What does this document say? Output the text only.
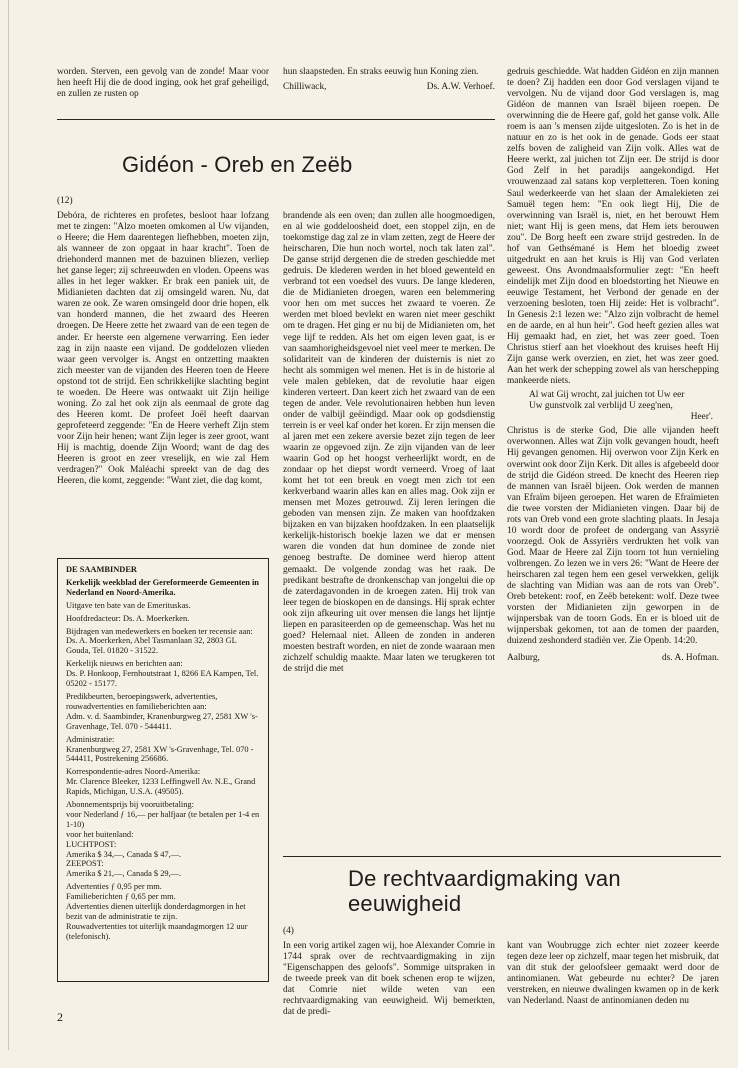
worden. Sterven, een gevolg van de zonde! Maar voor hen heeft Hij die de dood inging, ook het graf geheiligd, en zullen ze rusten op

hun slaapsteden. En straks eeuwig hun Koning zien.

Chilliwack,	Ds. A.W. Verhoef.
Gidéon - Oreb en Zeëb
(12)

Debóra, de richteres en profetes, besloot haar lofzang met te zingen: "Alzo moeten omkomen al Uw vijanden, o Heere; die Hem daarentegen liefhebben, moeten zijn, als wanneer de zon opgaat in haar kracht". Toen de driehonderd mannen met de bazuinen bliezen, verliep het ganse leger; zij schreeuwden en vloden. Opeens was alles in het leger wakker. Er brak een paniek uit, de Midianieten dachten dat zij omsingeld waren. Nu, dat waren ze ook. Ze waren omsingeld door drie hopen, elk van honderd mannen, die het zwaard des Heeren droegen. De Heere zette het zwaard van de een tegen de ander. Er heerste een algemene verwarring. Een ieder zag in zijn naaste een vijand. De goddelozen vlieden waar geen vervolger is. Angst en ontzetting maakten zich meester van de vijanden des Heeren toen de Heere opstond tot de strijd. Een schrikkelijke slachting begint te woeden. De Heere was ontwaakt uit Zijn heilige woning. Zo zal het ook zijn als eenmaal de grote dag des Heeren komt. De profeet Joël heeft daarvan geprofeteerd zeggende: "En de Heere verheft Zijn stem voor Zijn heir henen; want Zijn leger is zeer groot, want Hij is machtig, doende Zijn Woord; want de dag des Heeren is groot en zeer vreselijk, en wie zal Hem verdragen?" Ook Maléachi spreekt van de dag des Heeren, die komt, zeggende: "Want ziet, die dag komt,

brandende als een oven; dan zullen alle hoogmoedigen, en al wie goddeloosheid doet, een stoppel zijn, en de toekomstige dag zal ze in vlam zetten, zegt de Heere der heirscharen, Die hun noch wortel, noch tak laten zal". De ganse strijd dergenen die de streden geschiedde met gedruis. De klederen werden in het bloed gewenteld en verbrand tot een voedsel des vuurs. De lange klederen, die de Midianieten droegen, waren een belemmering voor hen om met succes het zwaard te voeren. Ze werden met bloed bevlekt en waren niet meer geschikt om te dragen. Het ging er nu bij de Midianieten om, het vege lijf te redden. Als het om eigen leven gaat, is er van saamhorigheidsgevoel niet veel meer te merken. De solidariteit van de kinderen der duisternis is niet zo hecht als sommigen wel menen. Het is in de historie al vele malen gebleken, dat de revolutie haar eigen kinderen verteert. Dan keert zich het zwaard van de een tegen de ander. Vele revolutionairen hebben hun leven onder de valbijl geëindigd. Maar ook op godsdienstig terrein is er veel kaf onder het koren. Er zijn mensen die al jaren met een zekere aversie bezet zijn tegen de leer waarin ze opgevoed zijn. Ze zijn vijanden van de leer waarin God op het hoogst verheerlijkt wordt, en de zondaar op het diepst wordt verneerd. Vroeg of laat komt het tot een breuk en voegt men zich tot een kerkverband waarin alles kan en alles mag. Ook zijn er mensen met Mozes getrouwd. Zij leren leringen die geboden van mensen zijn. Ze maken van hoofdzaken bijzaken en van bijzaken hoofdzaken. In een plaatselijk kerkelijk-historisch boekje lazen we dat er mensen waren die vonden dat hun dominee de zonde niet genoeg bestrafte. De dominee werd hierop attent gemaakt. De volgende zondag was het raak. De predikant bestrafte de dronkenschap van jongelui die op de zaterdagavonden in de kroegen zaten. Hij trok van leer tegen de bioskopen en de dansings. Hij sprak echter ook zijn afkeuring uit over mensen die langs het lijntje liepen en parasiteerden op de gemeenschap. Was het nu goed? Helemaal niet. Alleen de zonden in anderen moesten bestraft worden, en niet de zonde waaraan men zichzelf schuldig maakte. Maar laten we terugkeren tot de strijd die met

gedruis geschiedde. Wat hadden Gidéon en zijn mannen te doen? Zij hadden een door God verslagen vijand te vervolgen. Nu de vijand door God verslagen is, mag Gidéon de mannen van Israël bijeen roepen. De overwinning die de Heere gaf, gold het ganse volk. Alle roem is aan 's mensen zijde uitgesloten. Zo is het in de natuur en zo is het ook in de genade. Gods eer staat zelfs boven de zaligheid van Zijn volk. Alles wat de Heere werkt, zal juichen tot Zijn eer. De strijd is door God Zelf in het paradijs aangekondigd. Het vrouwenzaad zal satans kop verpletteren. Toen koning Saul wederkeerde van het slaan der Amalekieten zei Samuël tegen hem: "En ook liegt Hij, Die de overwinning van Israël is, niet, en het berouwt Hem niet; want Hij is geen mens, dat Hem iets berouwen zou". De Borg heeft een zware strijd gestreden. In de hof van Gethsémané is Hem het bloedig zweet uitgedrukt en aan het kruis is Hij van God verlaten geweest. Ons Avondmaalsformulier zegt: "En heeft eindelijk met Zijn dood en bloedstorting het Nieuwe en eeuwige Testament, het Verbond der genade en der verzoening besloten, toen Hij zeide: Het is volbracht". In Genesis 2:1 lezen we: "Alzo zijn volbracht de hemel en de aarde, en al hun heir". God heeft gezien alles wat Hij gemaakt had, en ziet, het was zeer goed. Toen Christus stierf aan het vloekhout des kruises heeft Hij Zijn ganse werk overzien, en ziet, het was zeer goed. Aan het werk der schepping zowel als van herschepping mankeerde niets.

Al wat Gij wrocht, zal juichen tot Uw eer
Uw gunstvolk zal verblijd U zeeg'nen,
Heer'.

Christus is de sterke God, Die alle vijanden heeft overwonnen. Alles wat Zijn volk gevangen houdt, heeft Hij gevangen genomen. Hij overwon voor Zijn Kerk en overwint ook door Zijn Kerk. Dit alles is afgebeeld door de strijd die Gidéon streed. De knecht des Heeren riep de mannen van Israël bijeen. Ook werden de mannen van Efraïm bijeen geroepen. Het waren de Efraïmieten die twee vorsten der Midianieten vingen. Daar bij de rots van Oreb vond een grote slachting plaats. In Jesaja 10 wordt door de profeet de ondergang van Assyrië voorzegd. Ook de Assyriërs verdrukten het volk van God. Maar de Heere zal Zijn toorn tot hun vernieling volbrengen. Zo lezen we in vers 26: "Want de Heere der heirscharen zal tegen hem een gesel verwekken, gelijk de slachting van Midian was aan de rots van Oreb". Oreb betekent: roof, en Zeëb betekent: wolf. Deze twee vorsten der Midianieten zijn geworpen in de wijnpersbak van de toorn Gods. En er is bloed uit de wijnpersbak gekomen, tot aan de tomen der paarden, duizend zeshonderd stadiën ver. Zie Openb. 14:20.

Aalburg,	ds. A. Hofman.

DE SAAMBINDER

Kerkelijk weekblad der Gereformeerde Gemeenten in Nederland en Noord-Amerika.

Uitgave ten bate van de Emerituskas.

Hoofdredacteur: Ds. A. Moerkerken.

Bijdragen van medewerkers en boeken ter recensie aan:

Ds. A. Moerkerken, Abel Tasmanlaan 32, 2803 GL Gouda, Tel. 01820 - 31522.

Kerkelijk nieuws en berichten aan:

Ds. P. Honkoop, Fernhoutstraat 1, 8266 EA Kampen, Tel. 05202 - 15177.

Predikbeurten, beroepingswerk, advertenties, rouwadvertenties en familieberichten aan:

Adm. v. d. Saambinder, Kranenburgweg 27, 2581 XW 's-Gravenhage, Tel. 070 - 544411.

Administratie:

Kranenburgweg 27, 2581 XW 's-Gravenhage, Tel. 070 - 544411, Postrekening 256686.

Korrespondentie-adres Noord-Amerika:

Mr. Clarence Bleeker, 1233 Leffingwell Av. N.E., Grand Rapids, Michigan, U.S.A. (49505).

Abonnementsprijs bij vooruitbetaling:

voor Nederland ƒ 16,— per halfjaar (te betalen per 1-4 en 1-10)

voor het buitenland:

LUCHTPOST:

Amerika $ 34,—, Canada $ 47,—.

ZEEPOST:

Amerika $ 21,—, Canada $ 29,—.

Advertenties ƒ 0,95 per mm.

Familieberichten ƒ 0,65 per mm.

Advertenties dienen uiterlijk donderdagmorgen in het bezit van de administratie te zijn.

Rouwadvertenties tot uiterlijk maandagmorgen 12 uur (telefonisch).

De rechtvaardigmaking van
eeuwigheid
(4)

In een vorig artikel zagen wij, hoe Alexander Comrie in 1744 sprak over de rechtvaardigmaking in zijn "Eigenschappen des geloofs". Sommige uitspraken in de tweede preek van dit boek schenen erop te wijzen, dat Comrie niet wilde weten van een rechtvaardigmaking van eeuwigheid. Wij bemerkten, dat de predi-

kant van Woubrugge zich echter niet zozeer keerde tegen deze leer op zichzelf, maar tegen het misbruik, dat van dit stuk der geloofsleer gemaakt werd door de antinomianen. Wat gebeurde nu echter? De jaren verstreken, en nieuwe dwalingen kwamen op in de kerk van Nederland. Naast de antinomianen deden nu

2
